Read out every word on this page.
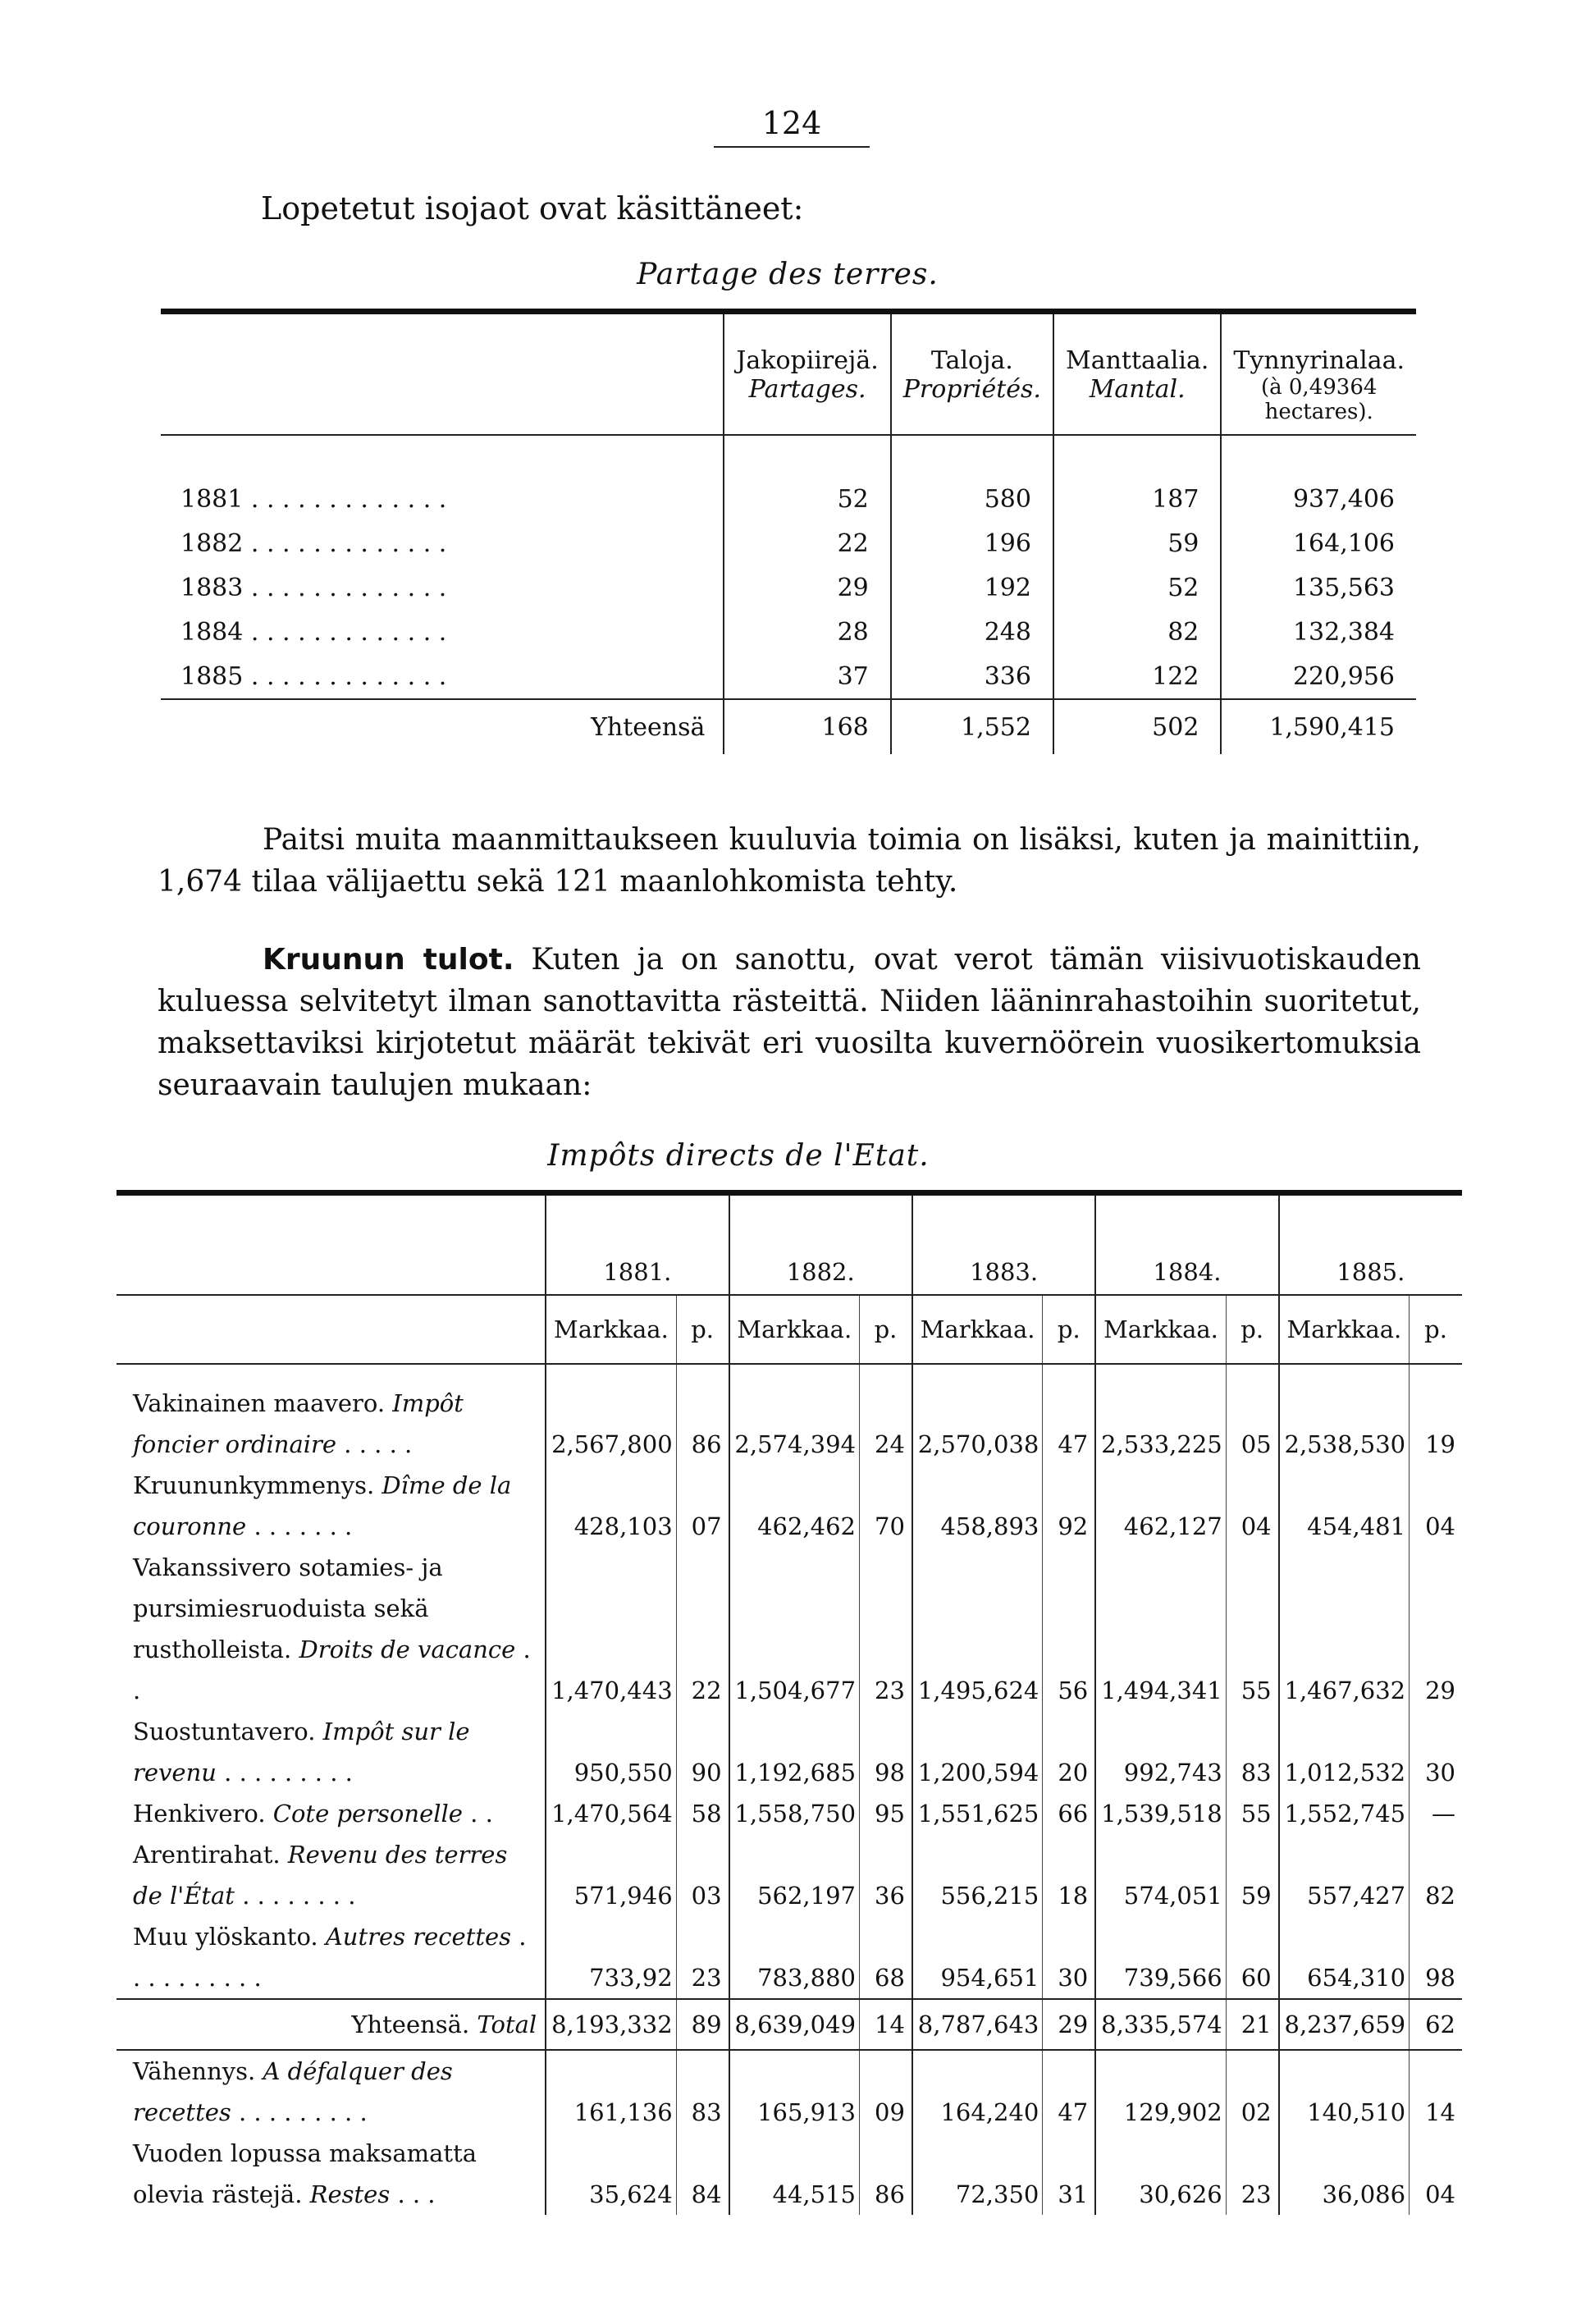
124
Lopetetut isojaot ovat käsittäneet:
Partage des terres.

	Jakopiirejä.	Taloja.	Manttaalia.	Tynnyrinalaa.
	Partages.	Propriétés.	Mantal.	(à 0,49364 hectares).

1881 . . . . . . . . . . . . .	52	580	187	937,406
1882 . . . . . . . . . . . . .	22	196	59	164,106
1883 . . . . . . . . . . . . .	29	192	52	135,563
1884 . . . . . . . . . . . . .	28	248	82	132,384
1885 . . . . . . . . . . . . .	37	336	122	220,956
Yhteensä	168	1,552	502	1,590,415
Paitsi muita maanmittaukseen kuuluvia toimia on lisäksi, kuten ja mainittiin, 1,674 tilaa välijaettu sekä 121 maanlohkomista tehty.
Kruunun tulot. Kuten ja on sanottu, ovat verot tämän viisivuotiskauden kuluessa selvitetyt ilman sanottavitta rästeittä. Niiden lääninrahastoihin suoritetut, maksettaviksi kirjotetut määrät tekivät eri vuosilta kuvernöörein vuosikertomuksia seuraavain taulujen mukaan:
Impôts directs de l'Etat.

	1881.		1882.		1883.		1884.		1885.	
	Markkaa.	p.	Markkaa.	p.	Markkaa.	p.	Markkaa.	p.	Markkaa.	p.
Vakinainen maavero. Impôt foncier ordinaire . . . . .	2,567,800	86	2,574,394	24	2,570,038	47	2,533,225	05	2,538,530	19
Kruununkymmenys. Dîme de la couronne . . . . . . .	428,103	07	462,462	70	458,893	92	462,127	04	454,481	04
Vakanssivero sotamies- ja pursimiesruoduista sekä rustholleista. Droits de vacance . .	1,470,443	22	1,504,677	23	1,495,624	56	1,494,341	55	1,467,632	29
Suostuntavero. Impôt sur le revenu . . . . . . . . .	950,550	90	1,192,685	98	1,200,594	20	992,743	83	1,012,532	30
Henkivero. Cote personelle . .	1,470,564	58	1,558,750	95	1,551,625	66	1,539,518	55	1,552,745	—
Arentirahat. Revenu des terres de l'État . . . . . . . .	571,946	03	562,197	36	556,215	18	574,051	59	557,427	82
Muu ylöskanto. Autres recettes . . . . . . . . . .	733,92	23	783,880	68	954,651	30	739,566	60	654,310	98
Yhteensä. Total	8,193,332	89	8,639,049	14	8,787,643	29	8,335,574	21	8,237,659	62
Vähennys. A défalquer des recettes . . . . . . . . .	161,136	83	165,913	09	164,240	47	129,902	02	140,510	14
Vuoden lopussa maksamatta olevia rästejä. Restes . . .	35,624	84	44,515	86	72,350	31	30,626	23	36,086	04
